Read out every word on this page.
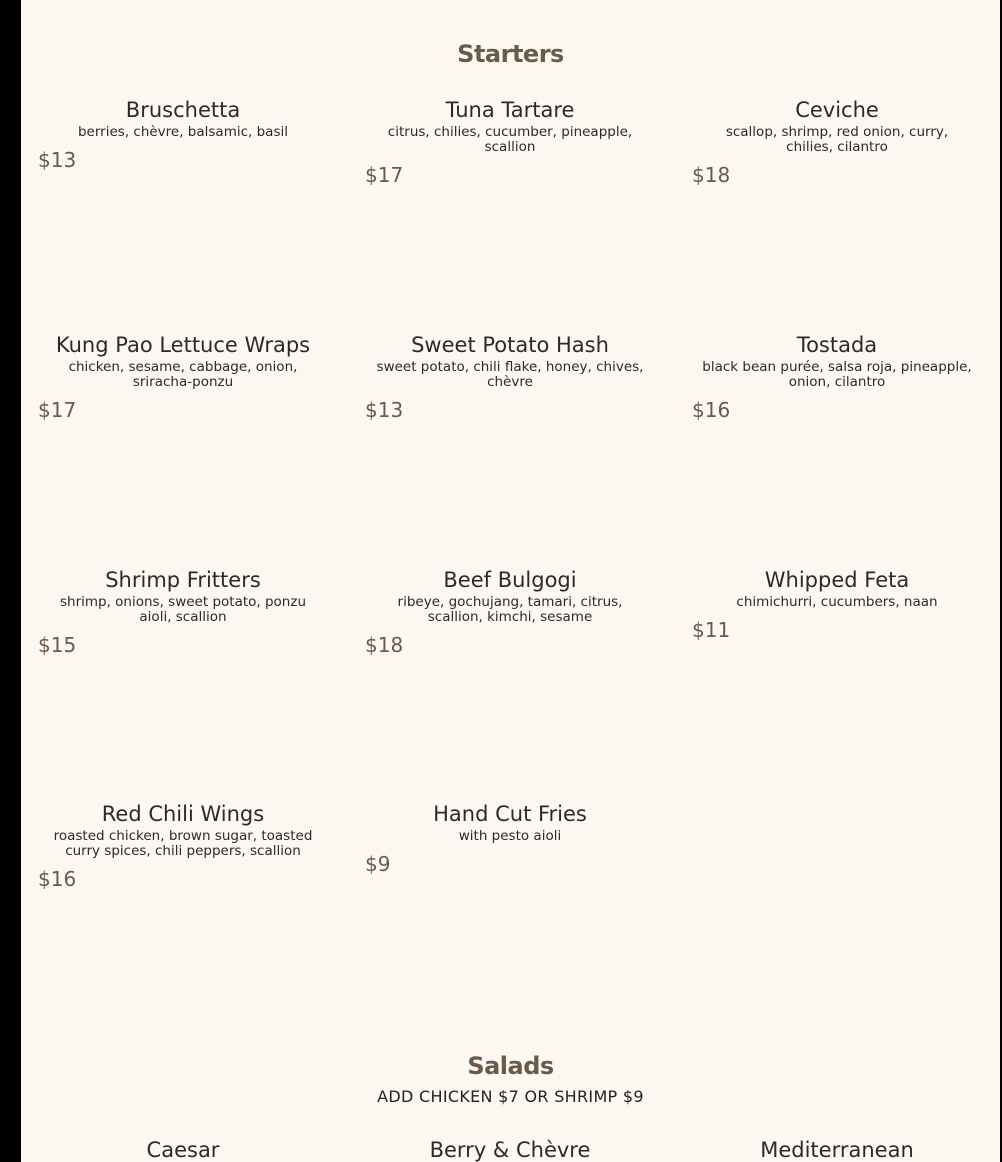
Starters
Bruschetta
berries, chèvre, balsamic, basil
$13
Tuna Tartare
citrus, chilies, cucumber, pineapple, scallion
$17
Ceviche
scallop, shrimp, red onion, curry, chilies, cilantro
$18
Kung Pao Lettuce Wraps
chicken, sesame, cabbage, onion, sriracha-ponzu
$17
Sweet Potato Hash
sweet potato, chili flake, honey, chives, chèvre
$13
Tostada
black bean purée, salsa roja, pineapple, onion, cilantro
$16
Shrimp Fritters
shrimp, onions, sweet potato, ponzu aioli, scallion
$15
Beef Bulgogi
ribeye, gochujang, tamari, citrus, scallion, kimchi, sesame
$18
Whipped Feta
chimichurri, cucumbers, naan
$11
Red Chili Wings
roasted chicken, brown sugar, toasted curry spices, chili peppers, scallion
$16
Hand Cut Fries
with pesto aioli
$9
Salads
ADD CHICKEN $7 OR SHRIMP $9
Caesar	Berry & Chèvre	Mediterranean
